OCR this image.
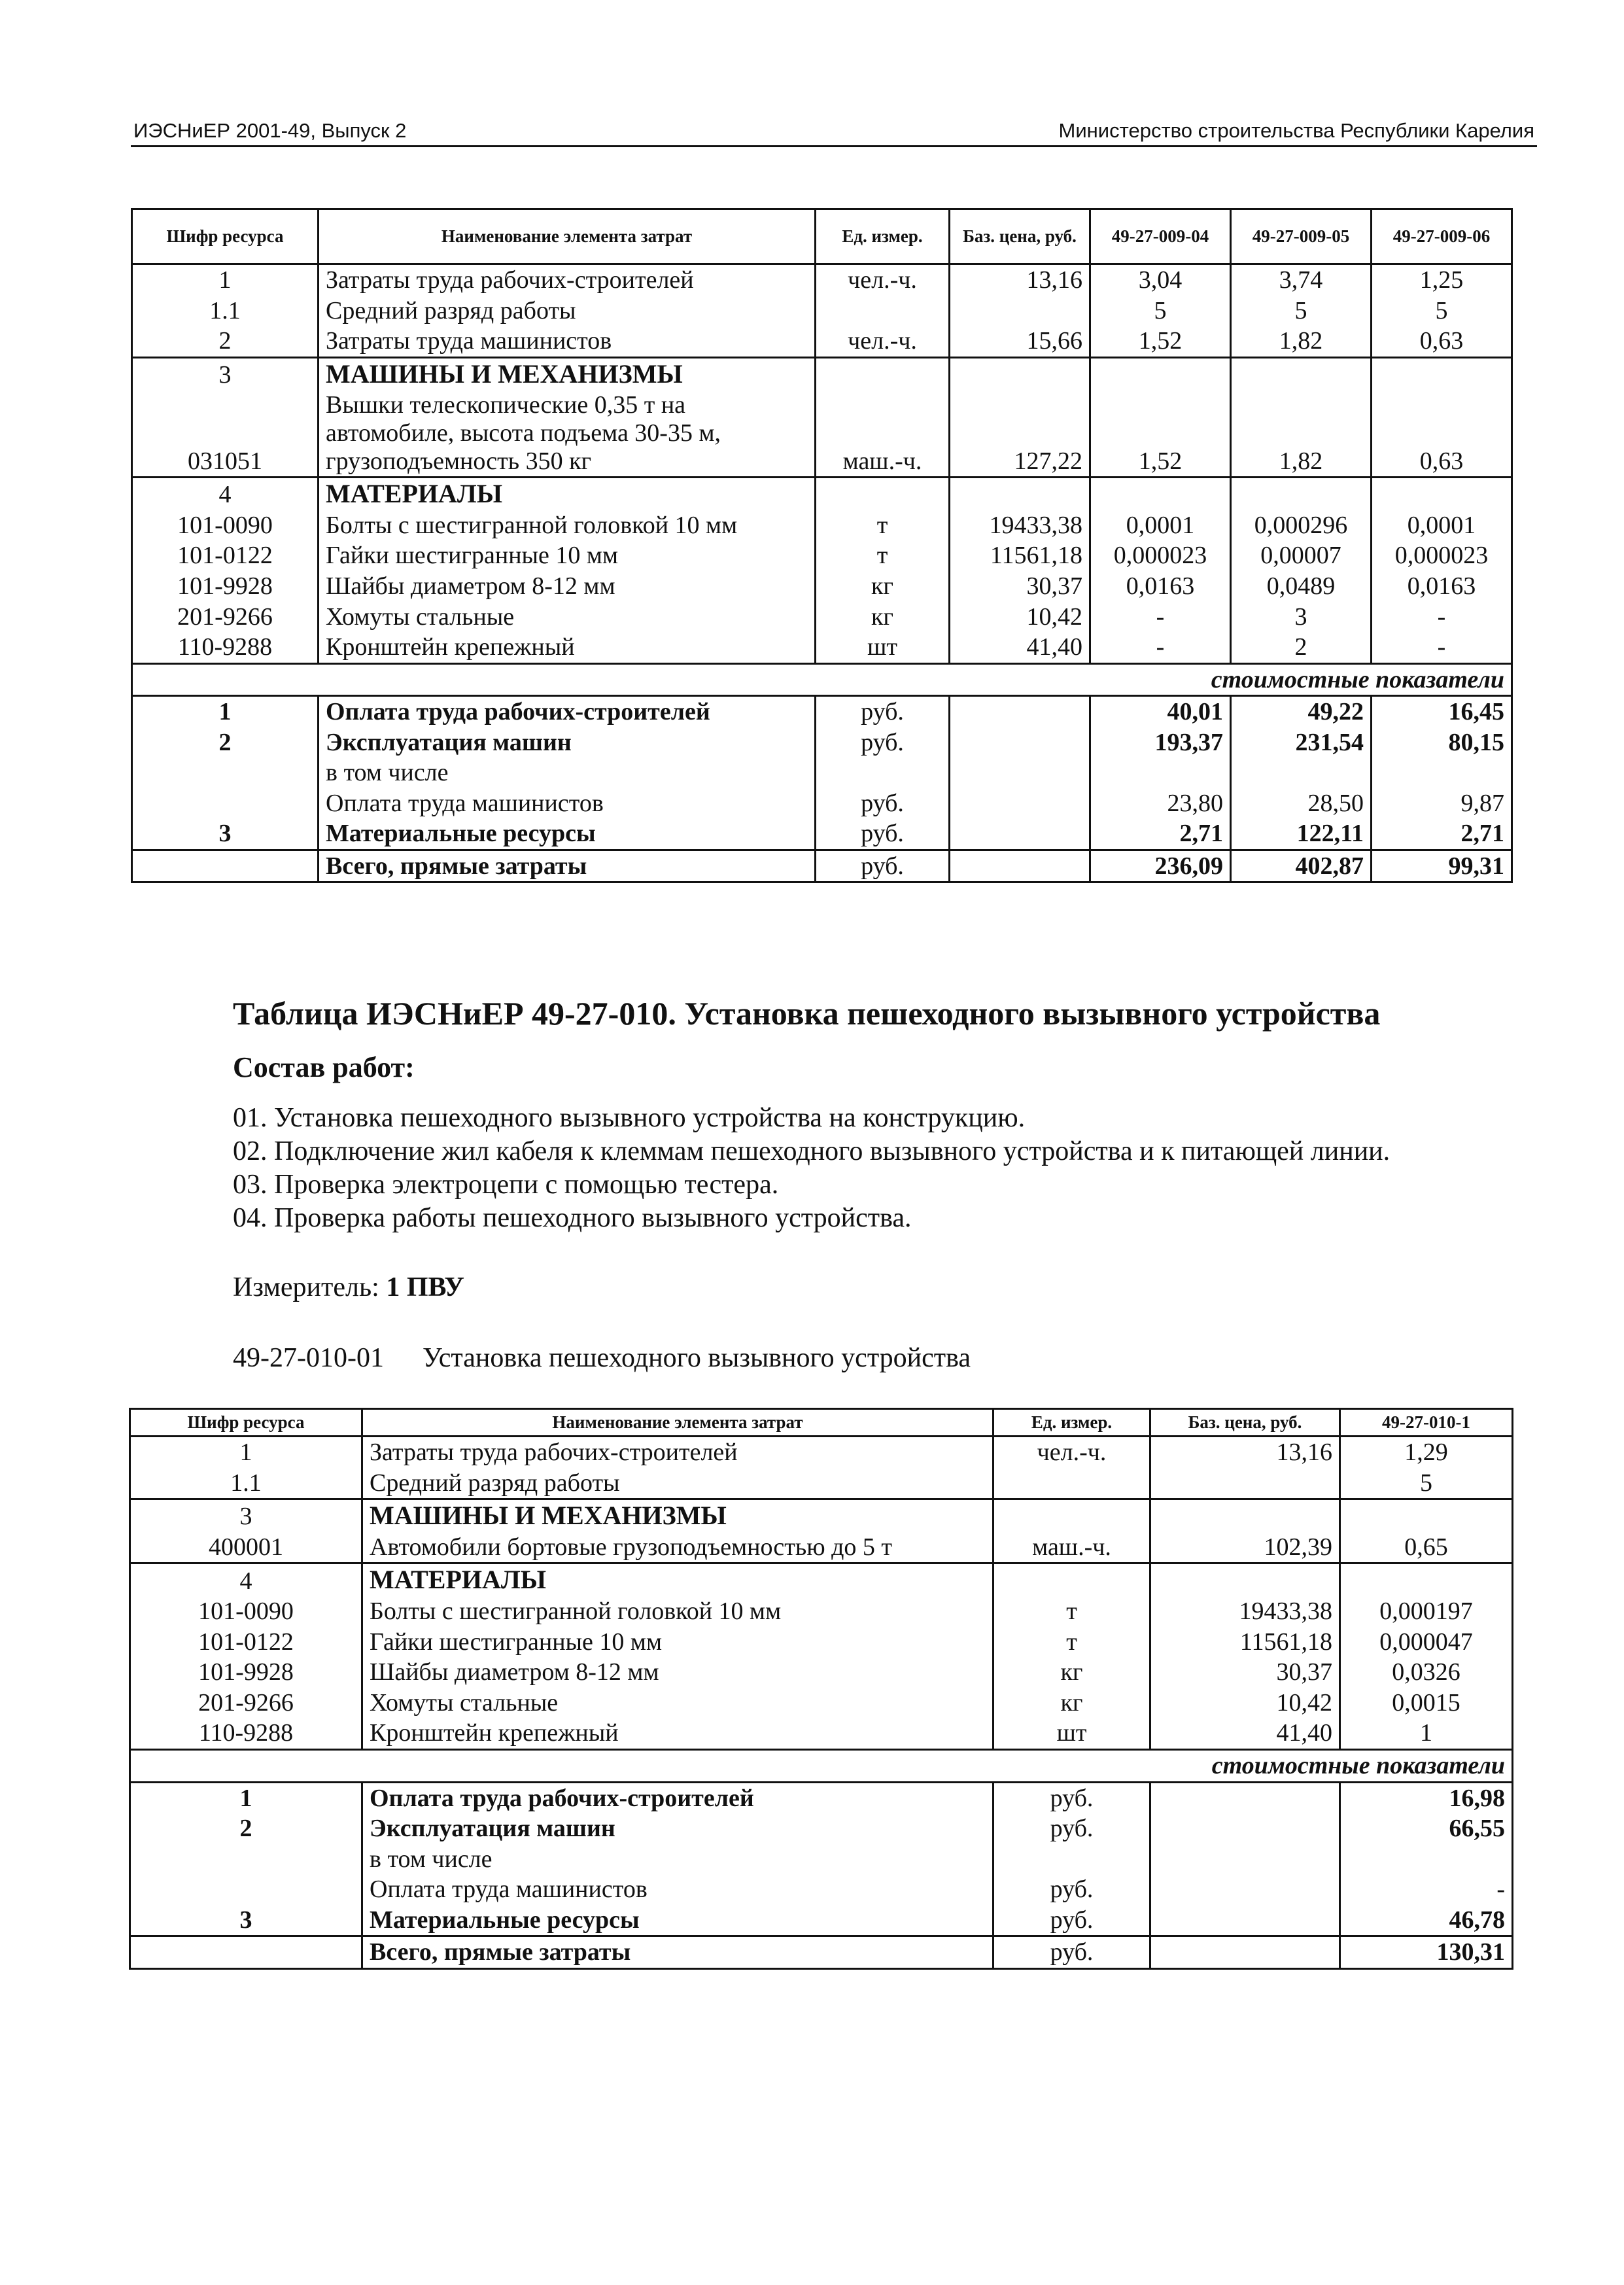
ИЭСНиЕР 2001-49, Выпуск 2	Министерство строительства Республики Карелия
Шифр ресурса	Наименование элемента затрат	Ед. измер.	Баз. цена, руб.	49-27-009-04	49-27-009-05	49-27-009-06
1	Затраты труда рабочих-строителей	чел.-ч.	13,16	3,04	3,74	1,25
1.1	Средний разряд работы			5	5	5
2	Затраты труда машинистов	чел.-ч.	15,66	1,52	1,82	0,63
3	МАШИНЫ И МЕХАНИЗМЫ					
031051	Вышки телескопические 0,35 т на автомобиле, высота подъема 30-35 м, грузоподъемность 350 кг	маш.-ч.	127,22	1,52	1,82	0,63
4	МАТЕРИАЛЫ					
101-0090	Болты с шестигранной головкой 10 мм	т	19433,38	0,0001	0,000296	0,0001
101-0122	Гайки шестигранные 10 мм	т	11561,18	0,000023	0,00007	0,000023
101-9928	Шайбы диаметром 8-12 мм	кг	30,37	0,0163	0,0489	0,0163
201-9266	Хомуты стальные	кг	10,42	-	3	-
110-9288	Кронштейн крепежный	шт	41,40	-	2	-
стоимостные показатели						
1	Оплата труда рабочих-строителей	руб.		40,01	49,22	16,45
2	Эксплуатация машин	руб.		193,37	231,54	80,15
	в том числе					
	Оплата труда машинистов	руб.		23,80	28,50	9,87
3	Материальные ресурсы	руб.		2,71	122,11	2,71
	Всего, прямые затраты	руб.		236,09	402,87	99,31
Таблица ИЭСНиЕР 49-27-010. Установка пешеходного вызывного устройства
Состав работ:
01. Установка пешеходного вызывного устройства на конструкцию.
02. Подключение жил кабеля к клеммам пешеходного вызывного устройства и к питающей линии.
03. Проверка электроцепи с помощью тестера.
04. Проверка работы пешеходного вызывного устройства.
Измеритель: 1 ПВУ
49-27-010-01 Установка пешеходного вызывного устройства
Шифр ресурса	Наименование элемента затрат	Ед. измер.	Баз. цена, руб.	49-27-010-1
1	Затраты труда рабочих-строителей	чел.-ч.	13,16	1,29
1.1	Средний разряд работы			5
3	МАШИНЫ И МЕХАНИЗМЫ			
400001	Автомобили бортовые грузоподъемностью до 5 т	маш.-ч.	102,39	0,65
4	МАТЕРИАЛЫ			
101-0090	Болты с шестигранной головкой 10 мм	т	19433,38	0,000197
101-0122	Гайки шестигранные 10 мм	т	11561,18	0,000047
101-9928	Шайбы диаметром 8-12 мм	кг	30,37	0,0326
201-9266	Хомуты стальные	кг	10,42	0,0015
110-9288	Кронштейн крепежный	шт	41,40	1
стоимостные показатели				
1	Оплата труда рабочих-строителей	руб.		16,98
2	Эксплуатация машин	руб.		66,55
	в том числе			
	Оплата труда машинистов	руб.		-
3	Материальные ресурсы	руб.		46,78
	Всего, прямые затраты	руб.		130,31
